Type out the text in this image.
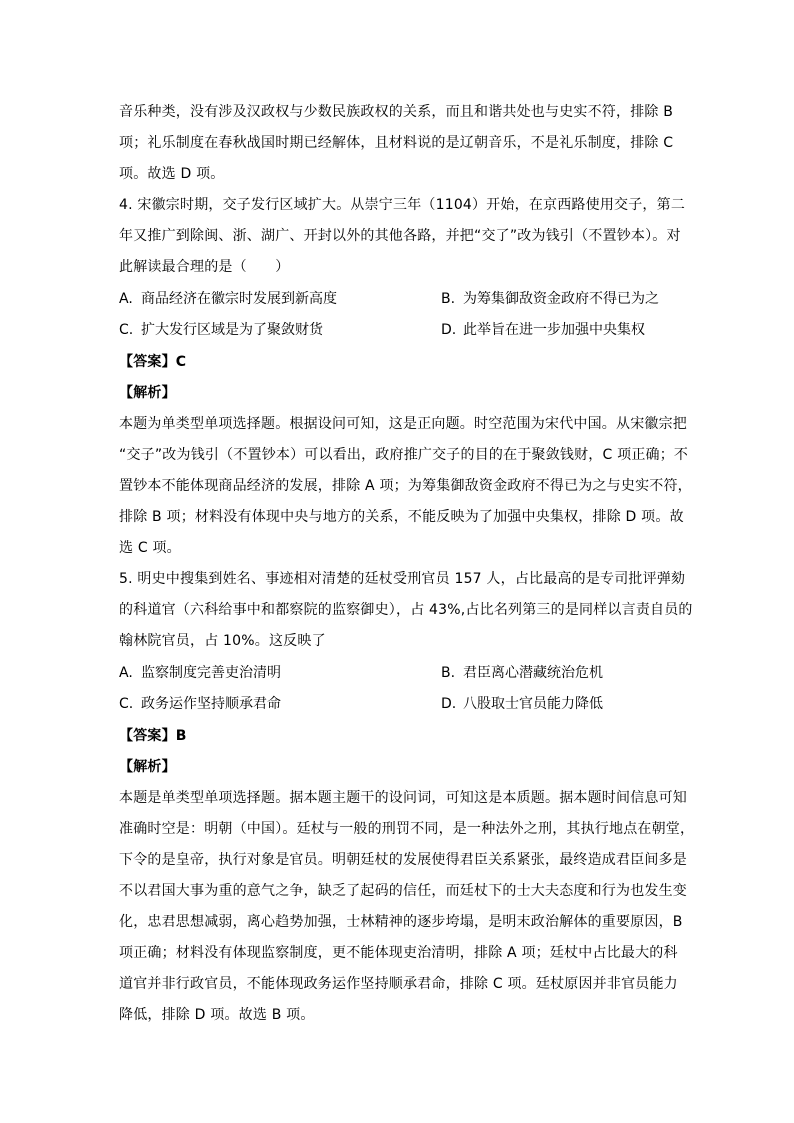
音乐种类，没有涉及汉政权与少数民族政权的关系，而且和谐共处也与史实不符，排除 B
项；礼乐制度在春秋战国时期已经解体，且材料说的是辽朝音乐，不是礼乐制度，排除 C
项。故选 D 项。
4. 宋徽宗时期，交子发行区域扩大。从崇宁三年（1104）开始，在京西路使用交子，第二
年又推广到除闽、浙、湖广、开封以外的其他各路，并把“交了”改为钱引（不置钞本）。对
此解读最合理的是（　　）
A. 商品经济在徽宗时发展到新高度	B. 为筹集御敌资金政府不得已为之
C. 扩大发行区域是为了聚敛财货	D. 此举旨在进一步加强中央集权
【答案】C
【解析】
本题为单类型单项选择题。根据设问可知，这是正向题。时空范围为宋代中国。从宋徽宗把
“交子”改为钱引（不置钞本）可以看出，政府推广交子的目的在于聚敛钱财，C 项正确；不
置钞本不能体现商品经济的发展，排除 A 项；为筹集御敌资金政府不得已为之与史实不符，
排除 B 项；材料没有体现中央与地方的关系，不能反映为了加强中央集权，排除 D 项。故
选 C 项。
5. 明史中搜集到姓名、事迹相对清楚的廷杖受刑官员 157 人，占比最高的是专司批评弹劾
的科道官（六科给事中和都察院的监察御史），占 43%,占比名列第三的是同样以言责自员的
翰林院官员，占 10%。这反映了
A. 监察制度完善吏治清明	B. 君臣离心潜藏统治危机
C. 政务运作坚持顺承君命	D. 八股取士官员能力降低
【答案】B
【解析】
本题是单类型单项选择题。据本题主题干的设问词，可知这是本质题。据本题时间信息可知
准确时空是：明朝（中国）。廷杖与一般的刑罚不同，是一种法外之刑，其执行地点在朝堂，
下令的是皇帝，执行对象是官员。明朝廷杖的发展使得君臣关系紧张，最终造成君臣间多是
不以君国大事为重的意气之争，缺乏了起码的信任，而廷杖下的士大夫态度和行为也发生变
化，忠君思想减弱，离心趋势加强，士林精神的逐步垮塌，是明末政治解体的重要原因，B
项正确；材料没有体现监察制度，更不能体现吏治清明，排除 A 项；廷杖中占比最大的科
道官并非行政官员，不能体现政务运作坚持顺承君命，排除 C 项。廷杖原因并非官员能力
降低，排除 D 项。故选 B 项。
